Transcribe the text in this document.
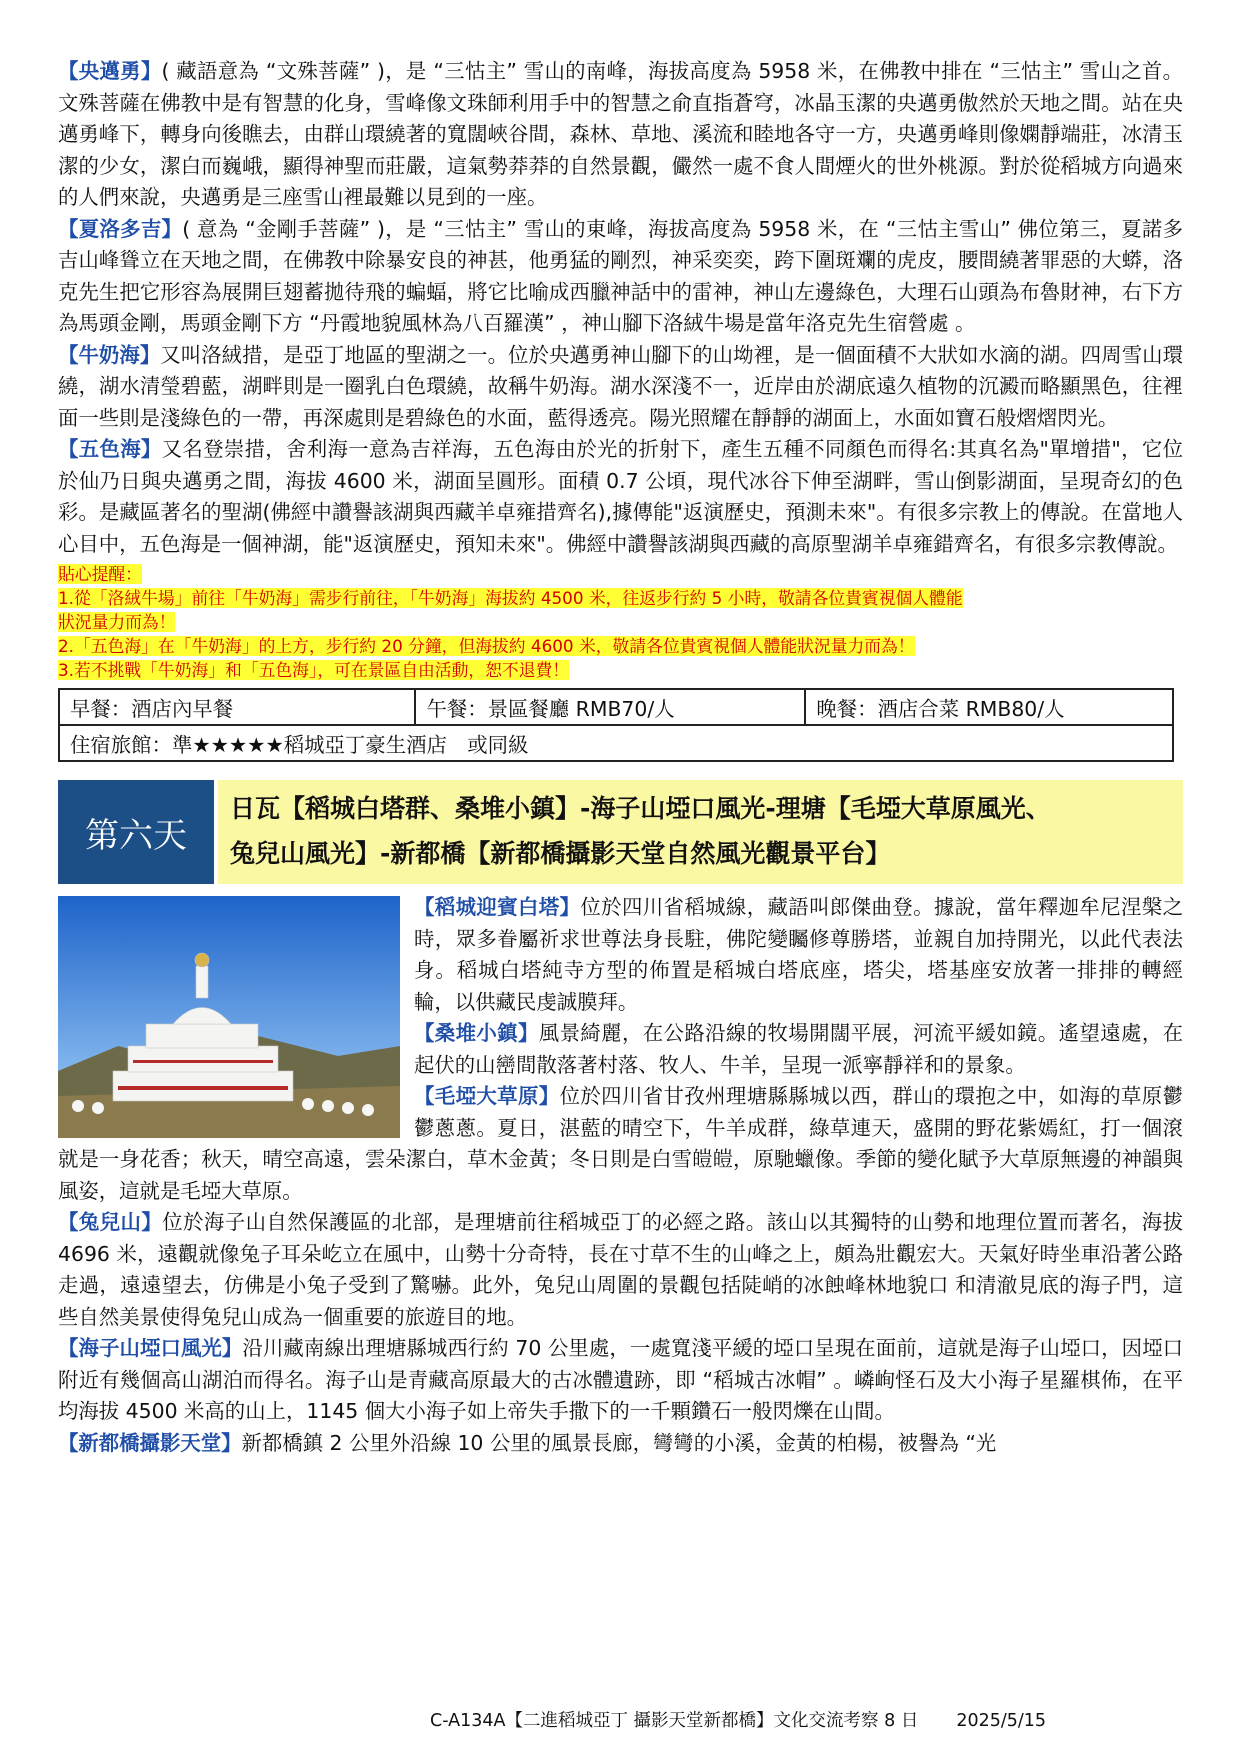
【央邁勇】( 藏語意為 “文殊菩薩” )，是 “三怙主” 雪山的南峰，海拔高度為 5958 米，在佛教中排在 “三怙主” 雪山之首。文殊菩薩在佛教中是有智慧的化身，雪峰像文珠師利用手中的智慧之俞直指蒼穹，冰晶玉潔的央邁勇傲然於天地之間。站在央邁勇峰下，轉身向後瞧去，由群山環繞著的寬闊峽谷間，森林、草地、溪流和睦地各守一方，央邁勇峰則像嫻靜端莊，冰清玉潔的少女，潔白而巍峨，顯得神聖而莊嚴，這氣勢莽莽的自然景觀，儼然一處不食人間煙火的世外桃源。對於從稻城方向過來的人們來說，央邁勇是三座雪山裡最難以見到的一座。

【夏洛多吉】( 意為 “金剛手菩薩” )，是 “三怙主” 雪山的東峰，海拔高度為 5958 米，在 “三怙主雪山” 佛位第三，夏諾多吉山峰聳立在天地之間，在佛教中除暴安良的神甚，他勇猛的剛烈，神采奕奕，跨下圍斑斕的虎皮，腰間繞著罪惡的大蟒，洛克先生把它形容為展開巨翅蓄拋待飛的蝙蝠，將它比喻成西臘神話中的雷神，神山左邊綠色，大理石山頭為布魯財神，右下方為馬頭金剛，馬頭金剛下方 “丹霞地貌風林為八百羅漢” ，神山腳下洛絨牛場是當年洛克先生宿營處 。

【牛奶海】又叫洛絨措，是亞丁地區的聖湖之一。位於央邁勇神山腳下的山坳裡，是一個面積不大狀如水滴的湖。四周雪山環繞，湖水清瑩碧藍，湖畔則是一圈乳白色環繞，故稱牛奶海。湖水深淺不一，近岸由於湖底遠久植物的沉澱而略顯黑色，往裡面一些則是淺綠色的一帶，再深處則是碧綠色的水面，藍得透亮。陽光照耀在靜靜的湖面上，水面如寶石般熠熠閃光。

【五色海】又名登崇措，舍利海一意為吉祥海，五色海由於光的折射下，產生五種不同顏色而得名:其真名為"單增措"，它位於仙乃日與央邁勇之間，海拔 4600 米，湖面呈圓形。面積 0.7 公頃，現代冰谷下伸至湖畔，雪山倒影湖面，呈現奇幻的色彩。是藏區著名的聖湖(佛經中讚譽該湖與西藏羊卓雍措齊名),據傳能"返演歷史，預測未來"。有很多宗教上的傳說。在當地人心目中，五色海是一個神湖，能"返演歷史，預知未來"。佛經中讚譽該湖與西藏的高原聖湖羊卓雍錯齊名，有很多宗教傳說。

貼心提醒：
1.從「洛絨牛場」前往「牛奶海」需步行前往，「牛奶海」海拔約 4500 米，往返步行約 5 小時，敬請各位貴賓視個人體能
狀況量力而為！
2.「五色海」在「牛奶海」的上方，步行約 20 分鐘，但海拔約 4600 米，敬請各位貴賓視個人體能狀況量力而為！
3.若不挑戰「牛奶海」和「五色海」，可在景區自由活動，恕不退費！
早餐：酒店內早餐	午餐：景區餐廳 RMB70/人	晚餐：酒店合菜 RMB80/人
住宿旅館：準★★★★★稻城亞丁豪生酒店　或同級
第六天
日瓦【稻城白塔群、桑堆小鎮】-海子山埡口風光-理塘【毛埡大草原風光、
兔兒山風光】-新都橋【新都橋攝影天堂自然風光觀景平台】

【稻城迎賓白塔】位於四川省稻城線，藏語叫郎傑曲登。據說，當年釋迦牟尼涅槃之時，眾多眷屬祈求世尊法身長駐，佛陀變矚修尊勝塔，並親自加持開光，以此代表法身。稻城白塔純寺方型的佈置是稻城白塔底座，塔尖，塔基座安放著一排排的轉經輪，以供藏民虔誠膜拜。

【桑堆小鎮】風景綺麗，在公路沿線的牧場開闊平展，河流平緩如鏡。遙望遠處，在起伏的山巒間散落著村落、牧人、牛羊，呈現一派寧靜祥和的景象。

【毛埡大草原】位於四川省甘孜州理塘縣縣城以西，群山的環抱之中，如海的草原鬱鬱蔥蔥。夏日，湛藍的晴空下，牛羊成群，綠草連天，盛開的野花紫嫣紅，打一個滾就是一身花香；秋天，晴空高遠，雲朵潔白，草木金黃；冬日則是白雪皚皚，原馳蠟像。季節的變化賦予大草原無邊的神韻與風姿，這就是毛埡大草原。

【兔兒山】位於海子山自然保護區的北部，是理塘前往稻城亞丁的必經之路。該山以其獨特的山勢和地理位置而著名，海拔 4696 米，遠觀就像兔子耳朵屹立在風中，山勢十分奇特，長在寸草不生的山峰之上，頗為壯觀宏大。天氣好時坐車沿著公路走過，遠遠望去，仿佛是小兔子受到了驚嚇。此外，兔兒山周圍的景觀包括陡峭的冰蝕峰林地貌口 和清澈見底的海子門，這些自然美景使得兔兒山成為一個重要的旅遊目的地。

【海子山埡口風光】沿川藏南線出理塘縣城西行約 70 公里處，一處寬淺平緩的埡口呈現在面前，這就是海子山埡口，因埡口附近有幾個高山湖泊而得名。海子山是青藏高原最大的古冰體遺跡，即 “稻城古冰帽” 。嶙峋怪石及大小海子星羅棋佈，在平均海拔 4500 米高的山上，1145 個大小海子如上帝失手撒下的一千顆鑽石一般閃爍在山間。

【新都橋攝影天堂】新都橋鎮 2 公里外沿線 10 公里的風景長廊，彎彎的小溪，金黃的柏楊，被譽為 “光

C-A134A【二進稻城亞丁 攝影天堂新都橋】文化交流考察 8 日 2025/5/15
